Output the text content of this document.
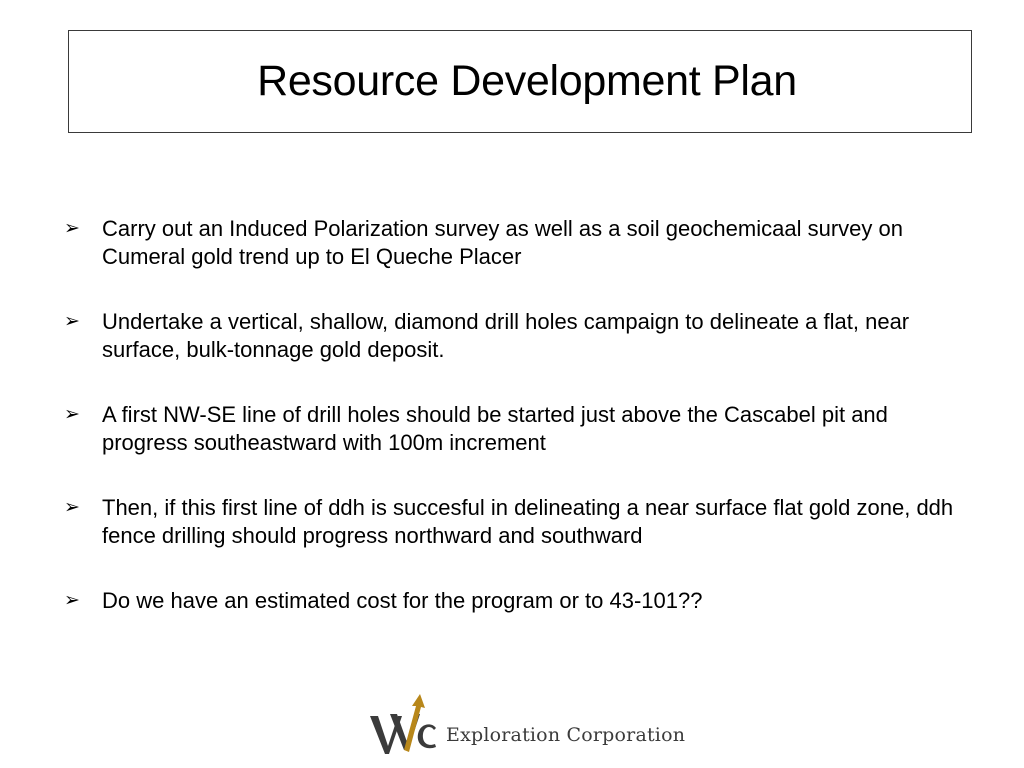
Resource Development Plan
➢	Carry out an Induced Polarization survey as well as a soil geochemicaal survey on Cumeral gold trend up to El Queche Placer
➢	Undertake a vertical, shallow, diamond drill holes campaign to delineate a flat, near surface, bulk-tonnage gold deposit.
➢	A first NW-SE line of drill holes should be started just above the Cascabel pit and progress southeastward with 100m increment
➢	Then, if this first line of ddh is succesful in delineating a near surface flat gold zone, ddh fence drilling should progress northward and southward
➢	Do we have an estimated cost for the program or to 43-101??
Exploration Corporation
